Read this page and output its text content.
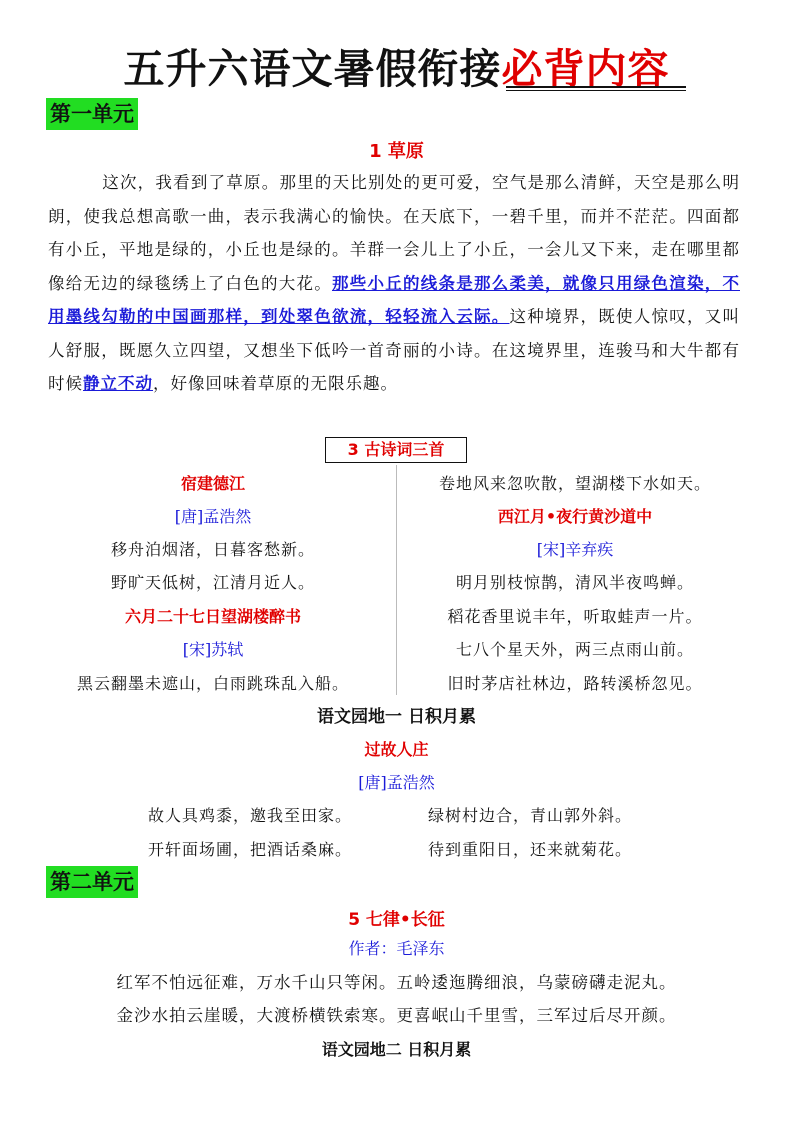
五升六语文暑假衔接必背内容
第一单元
1 草原
这次，我看到了草原。那里的天比别处的更可爱，空气是那么清鲜，天空是那么明朗，使我总想高歌一曲，表示我满心的愉快。在天底下，一碧千里，而并不茫茫。四面都有小丘，平地是绿的，小丘也是绿的。羊群一会儿上了小丘，一会儿又下来，走在哪里都像给无边的绿毯绣上了白色的大花。那些小丘的线条是那么柔美，就像只用绿色渲染，不用墨线勾勒的中国画那样，到处翠色欲流，轻轻流入云际。这种境界，既使人惊叹，又叫人舒服，既愿久立四望，又想坐下低吟一首奇丽的小诗。在这境界里，连骏马和大牛都有时候静立不动，好像回味着草原的无限乐趣。
3 古诗词三首
宿建德江
[唐]孟浩然
移舟泊烟渚，日暮客愁新。
野旷天低树，江清月近人。
六月二十七日望湖楼醉书
[宋]苏轼
黑云翻墨未遮山，白雨跳珠乱入船。
卷地风来忽吹散，望湖楼下水如天。
西江月•夜行黄沙道中
[宋]辛弃疾
明月别枝惊鹊，清风半夜鸣蝉。
稻花香里说丰年，听取蛙声一片。
七八个星天外，两三点雨山前。
旧时茅店社林边，路转溪桥忽见。
语文园地一 日积月累
过故人庄
[唐]孟浩然
故人具鸡黍，邀我至田家。	绿树村边合，青山郭外斜。
开轩面场圃，把酒话桑麻。	待到重阳日，还来就菊花。
第二单元
5 七律•长征
作者：毛泽东
红军不怕远征难，万水千山只等闲。五岭逶迤腾细浪，乌蒙磅礴走泥丸。
金沙水拍云崖暖，大渡桥横铁索寒。更喜岷山千里雪，三军过后尽开颜。
语文园地二 日积月累
